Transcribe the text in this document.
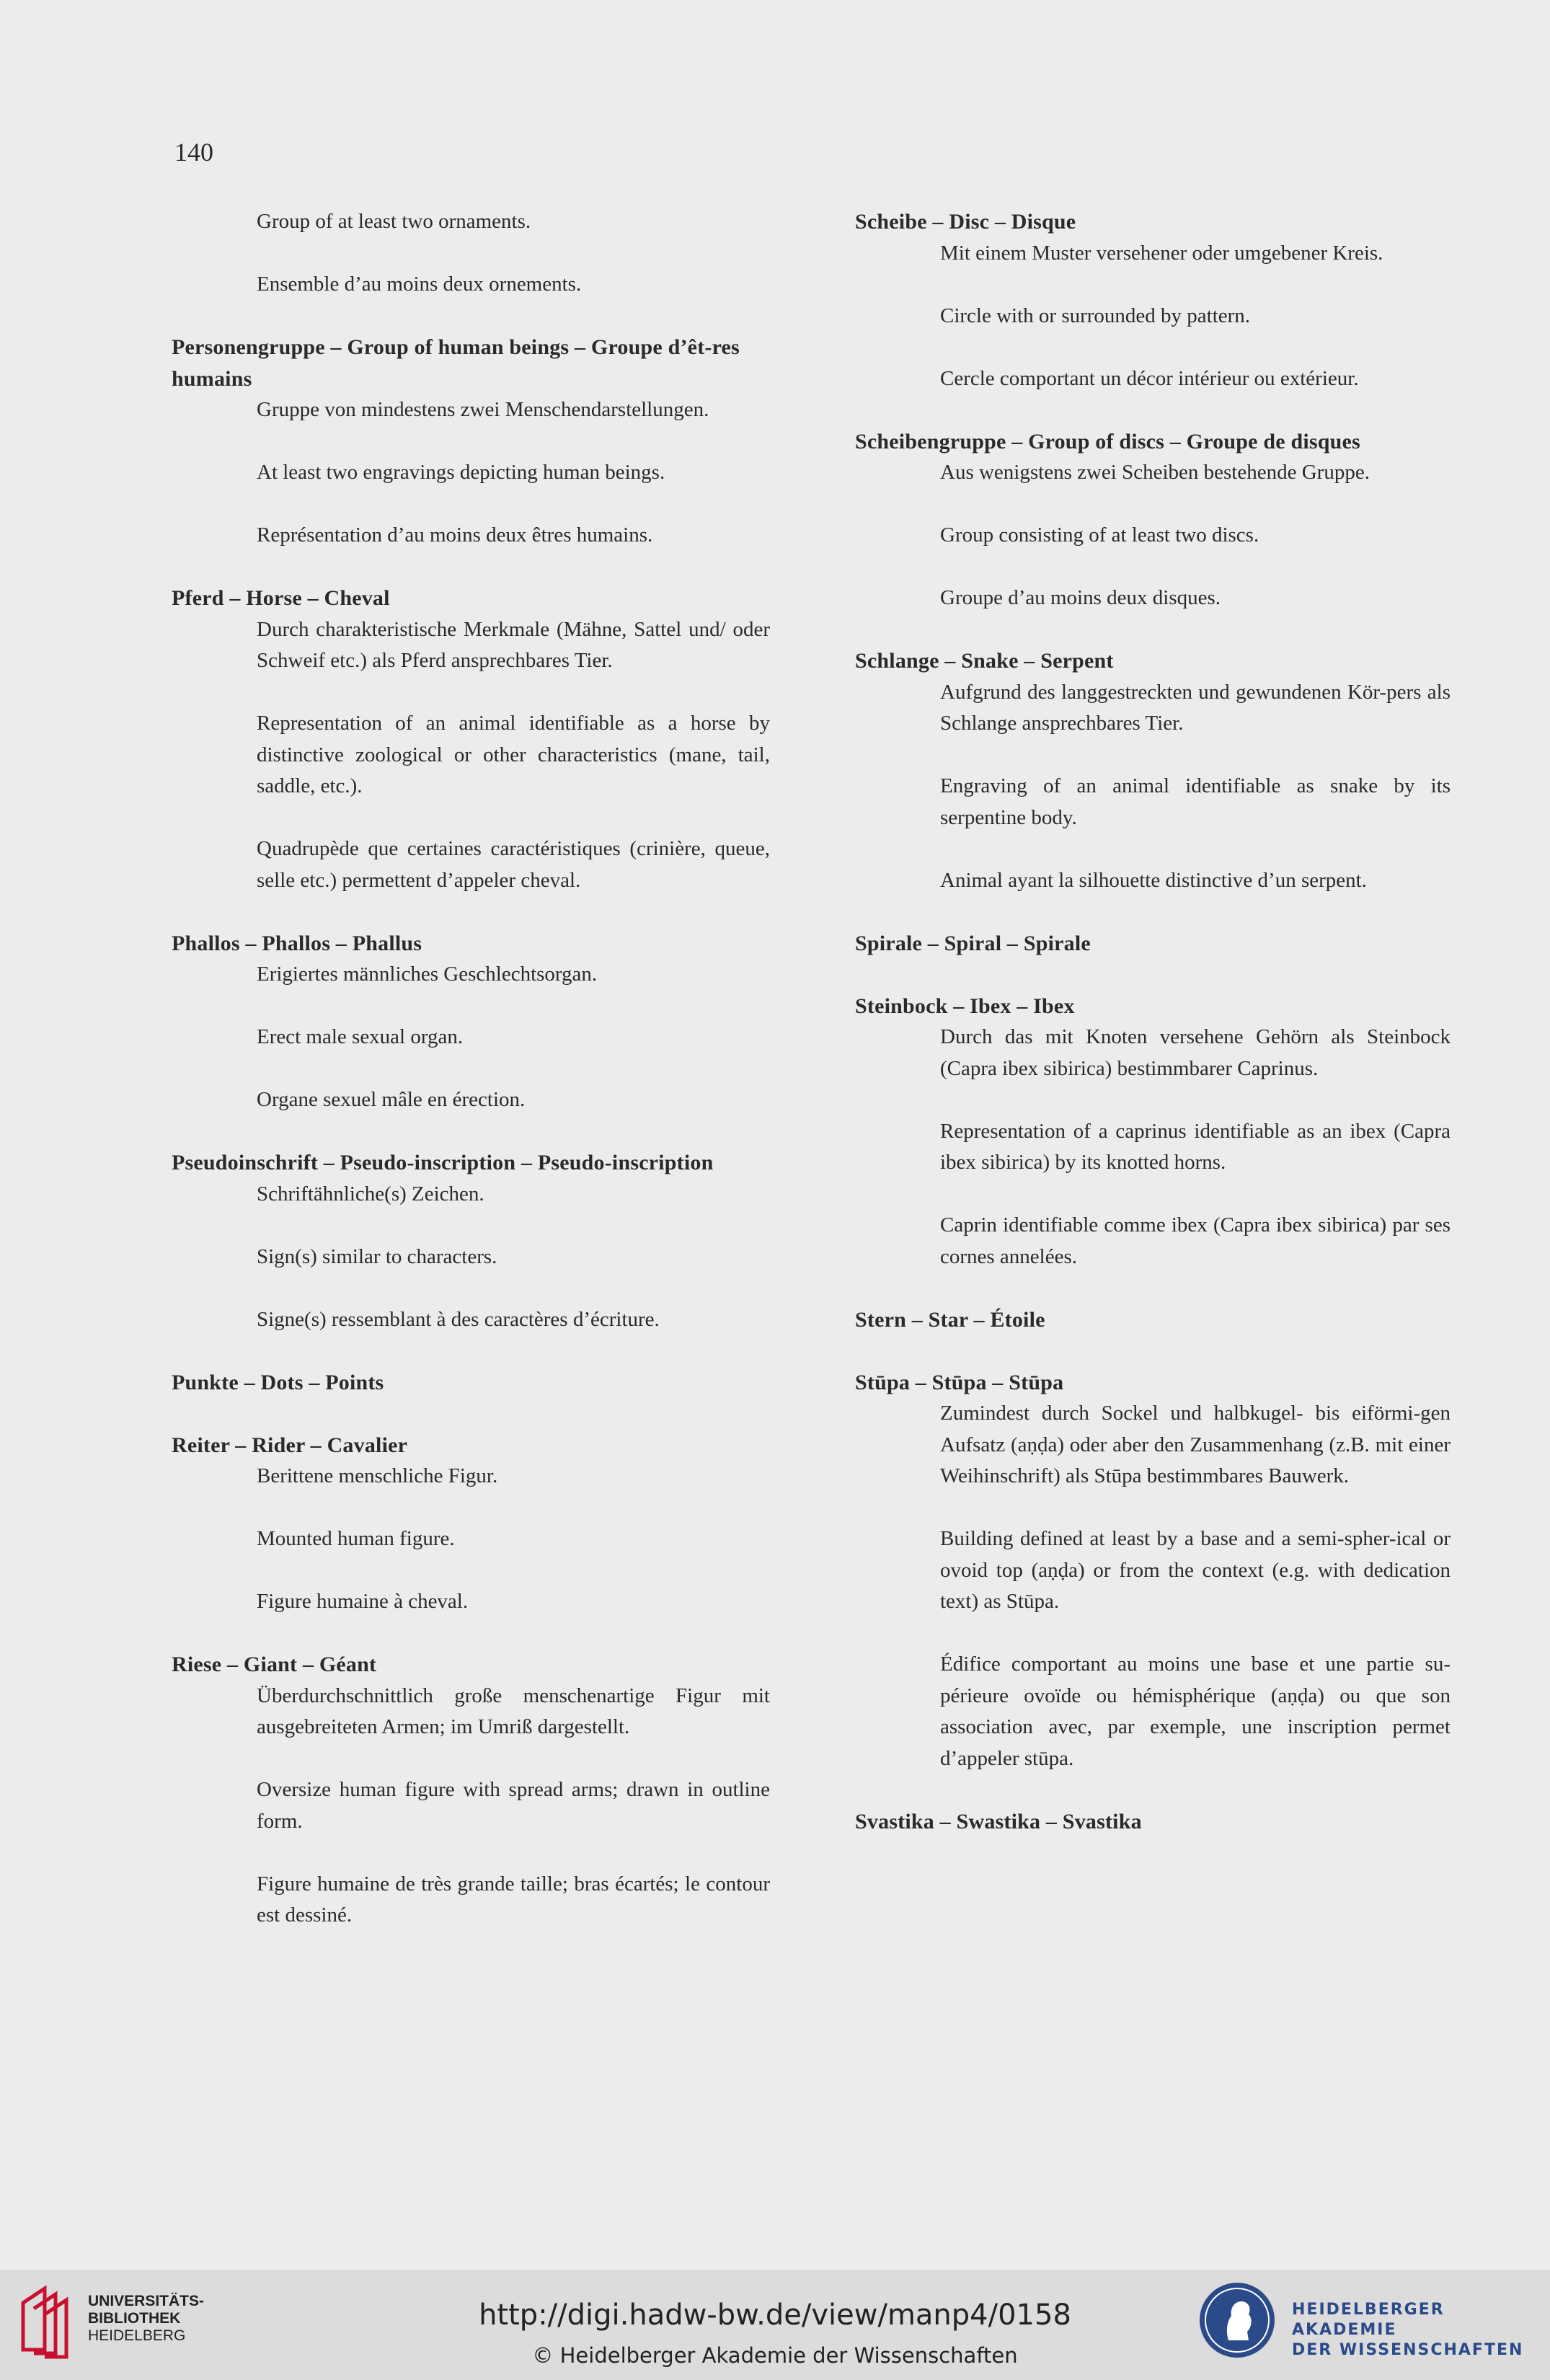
140
Group of at least two ornaments.
Ensemble d’au moins deux ornements.
Personengruppe – Group of human beings – Groupe d’êt-res humains
Gruppe von mindestens zwei Menschendarstellungen.
At least two engravings depicting human beings.
Représentation d’au moins deux êtres humains.
Pferd – Horse – Cheval
Durch charakteristische Merkmale (Mähne, Sattel und/ oder Schweif etc.) als Pferd ansprechbares Tier.
Representation of an animal identifiable as a horse by distinctive zoological or other characteristics (mane, tail, saddle, etc.).
Quadrupède que certaines caractéristiques (crinière, queue, selle etc.) permettent d’appeler cheval.
Phallos – Phallos – Phallus
Erigiertes männliches Geschlechtsorgan.
Erect male sexual organ.
Organe sexuel mâle en érection.
Pseudoinschrift – Pseudo-inscription – Pseudo-inscription
Schriftähnliche(s) Zeichen.
Sign(s) similar to characters.
Signe(s) ressemblant à des caractères d’écriture.
Punkte – Dots – Points
Reiter – Rider – Cavalier
Berittene menschliche Figur.
Mounted human figure.
Figure humaine à cheval.
Riese – Giant – Géant
Überdurchschnittlich große menschenartige Figur mit ausgebreiteten Armen; im Umriß dargestellt.
Oversize human figure with spread arms; drawn in outline form.
Figure humaine de très grande taille; bras écartés; le contour est dessiné.
Scheibe – Disc – Disque
Mit einem Muster versehener oder umgebener Kreis.
Circle with or surrounded by pattern.
Cercle comportant un décor intérieur ou extérieur.
Scheibengruppe – Group of discs – Groupe de disques
Aus wenigstens zwei Scheiben bestehende Gruppe.
Group consisting of at least two discs.
Groupe d’au moins deux disques.
Schlange – Snake – Serpent
Aufgrund des langgestreckten und gewundenen Kör-pers als Schlange ansprechbares Tier.
Engraving of an animal identifiable as snake by its serpentine body.
Animal ayant la silhouette distinctive d’un serpent.
Spirale – Spiral – Spirale
Steinbock – Ibex – Ibex
Durch das mit Knoten versehene Gehörn als Steinbock (Capra ibex sibirica) bestimmbarer Caprinus.
Representation of a caprinus identifiable as an ibex (Capra ibex sibirica) by its knotted horns.
Caprin identifiable comme ibex (Capra ibex sibirica) par ses cornes annelées.
Stern – Star – Étoile
Stūpa – Stūpa – Stūpa
Zumindest durch Sockel und halbkugel- bis eiförmi-gen Aufsatz (aṇḍa) oder aber den Zusammenhang (z.B. mit einer Weihinschrift) als Stūpa bestimmbares Bauwerk.
Building defined at least by a base and a semi-spher-ical or ovoid top (aṇḍa) or from the context (e.g. with dedication text) as Stūpa.
Édifice comportant au moins une base et une partie su-périeure ovoïde ou hémisphérique (aṇḍa) ou que son association avec, par exemple, une inscription permet d’appeler stūpa.
Svastika – Swastika – Svastika
UNIVERSITÄTS-
BIBLIOTHEK
HEIDELBERG
http://digi.hadw-bw.de/view/manp4/0158
© Heidelberger Akademie der Wissenschaften
HEIDELBERGER AKADEMIE
DER WISSENSCHAFTEN
